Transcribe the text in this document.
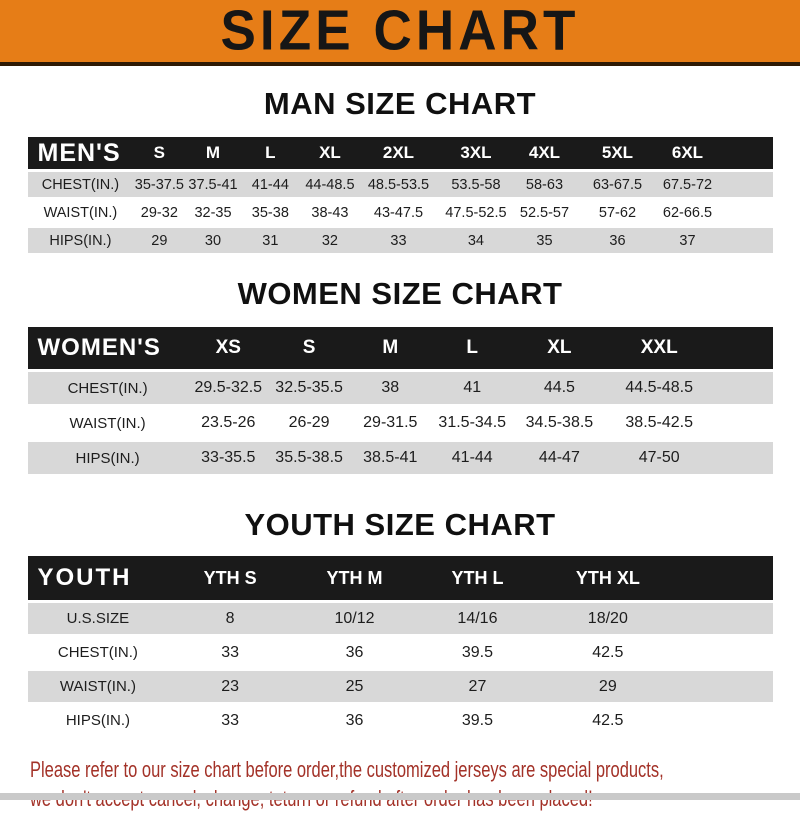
SIZE CHART
MAN SIZE CHART
MEN'S	S	M	L	XL	2XL	3XL	4XL	5XL	6XL	
CHEST(IN.)	35-37.5	37.5-41	41-44	44-48.5	48.5-53.5	53.5-58	58-63	63-67.5	67.5-72	
WAIST(IN.)	29-32	32-35	35-38	38-43	43-47.5	47.5-52.5	52.5-57	57-62	62-66.5	
HIPS(IN.)	29	30	31	32	33	34	35	36	37	
WOMEN SIZE CHART
WOMEN'S	XS	S	M	L	XL	XXL	
CHEST(IN.)	29.5-32.5	32.5-35.5	38	41	44.5	44.5-48.5	
WAIST(IN.)	23.5-26	26-29	29-31.5	31.5-34.5	34.5-38.5	38.5-42.5	
HIPS(IN.)	33-35.5	35.5-38.5	38.5-41	41-44	44-47	47-50	
YOUTH SIZE CHART
YOUTH	YTH S	YTH M	YTH L	YTH XL	
U.S.SIZE	8	10/12	14/16	18/20	
CHEST(IN.)	33	36	39.5	42.5	
WAIST(IN.)	23	25	27	29	
HIPS(IN.)	33	36	39.5	42.5	
Please refer to our size chart before order,the customized jerseys are special products,
